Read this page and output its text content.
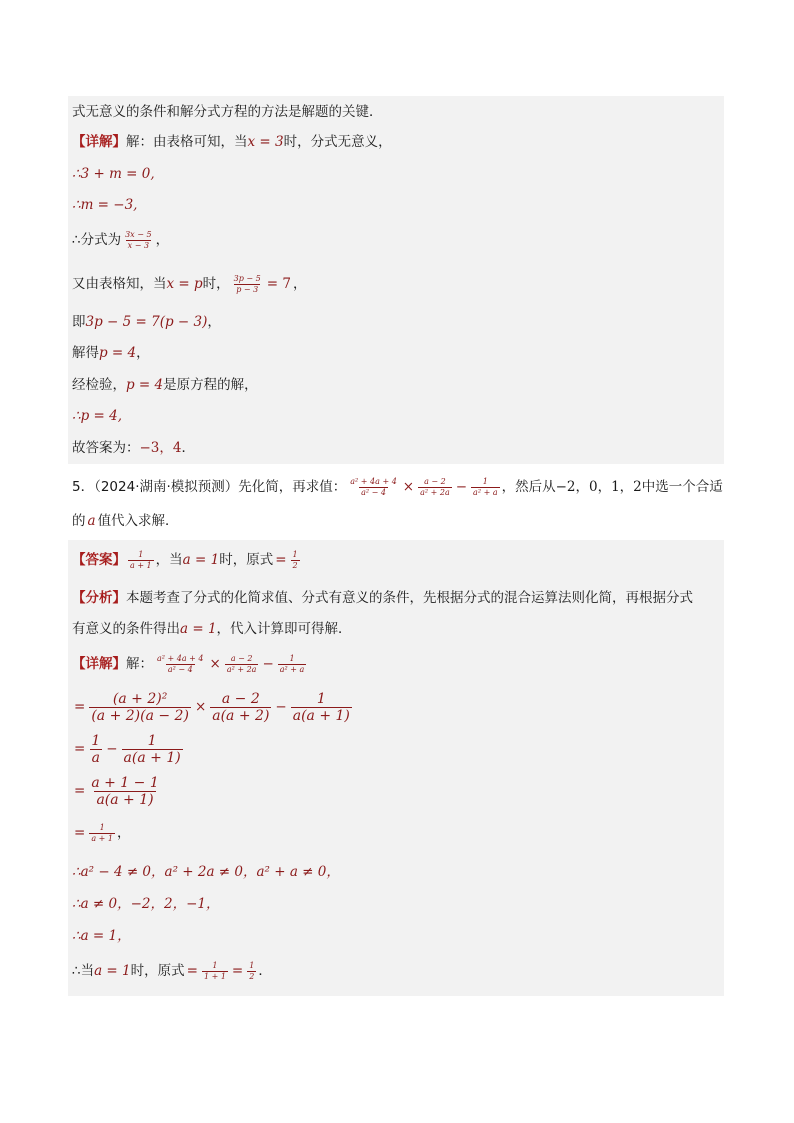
式无意义的条件和解分式方程的方法是解题的关键．
【详解】 解：由表格可知，当 x = 3 时，分式无意义，
∴3 + m = 0,
∴m = −3,
∴分式为 $\frac{3x - 5}{x - 3}$ ，
又由表格知，当 x = p 时， $\frac{3p - 5}{p - 3} = 7$ ，
即 3p − 5 = 7(p − 3) ，
解得 p = 4 ，
经检验， p = 4 是原方程的解，
∴p = 4,
故答案为： −3，4 ．
5．（2024·湖南·模拟预测）先化简，再求值： $\frac{\text{a² + 4a + 4}}{\text{a² − 4}} \times \frac{a - 2}{\text{a² + 2a}} - \frac{1}{\text{a² + a}}$ ，然后从 −2，0，1，2 中选一个合适
的 a 值代入求解．
【答案】 $\frac{1}{a + 1}$ ，当 a = 1 时，原式 = $\frac{1}{2}$
【分析】 本题考查了分式的化简求值、分式有意义的条件，先根据分式的混合运算法则化简，再根据分式
有意义的条件得出 a = 1 ，代入计算即可得解．
【详解】 解： $\frac{\text{a² + 4a + 4}}{\text{a² − 4}} \times \frac{a - 2}{\text{a² + 2a}} - \frac{1}{\text{a² + a}}$
= $\frac{\text{(a + 2)²}}{(a + 2)(a - 2)} \times \frac{a - 2}{a(a + 2)} - \frac{1}{a(a + 1)}$
= $\frac{1}{a} - \frac{1}{a(a + 1)}$
= $\frac{a + 1 - 1}{a(a + 1)}$
= $\frac{1}{a + 1}$ ，
∴a² − 4 ≠ 0，a² + 2a ≠ 0，a² + a ≠ 0，
∴a ≠ 0，−2，2，−1，
∴a = 1，
∴当 a = 1 时，原式 = $\frac{1}{1 + 1} = \frac{1}{2}$ ．
